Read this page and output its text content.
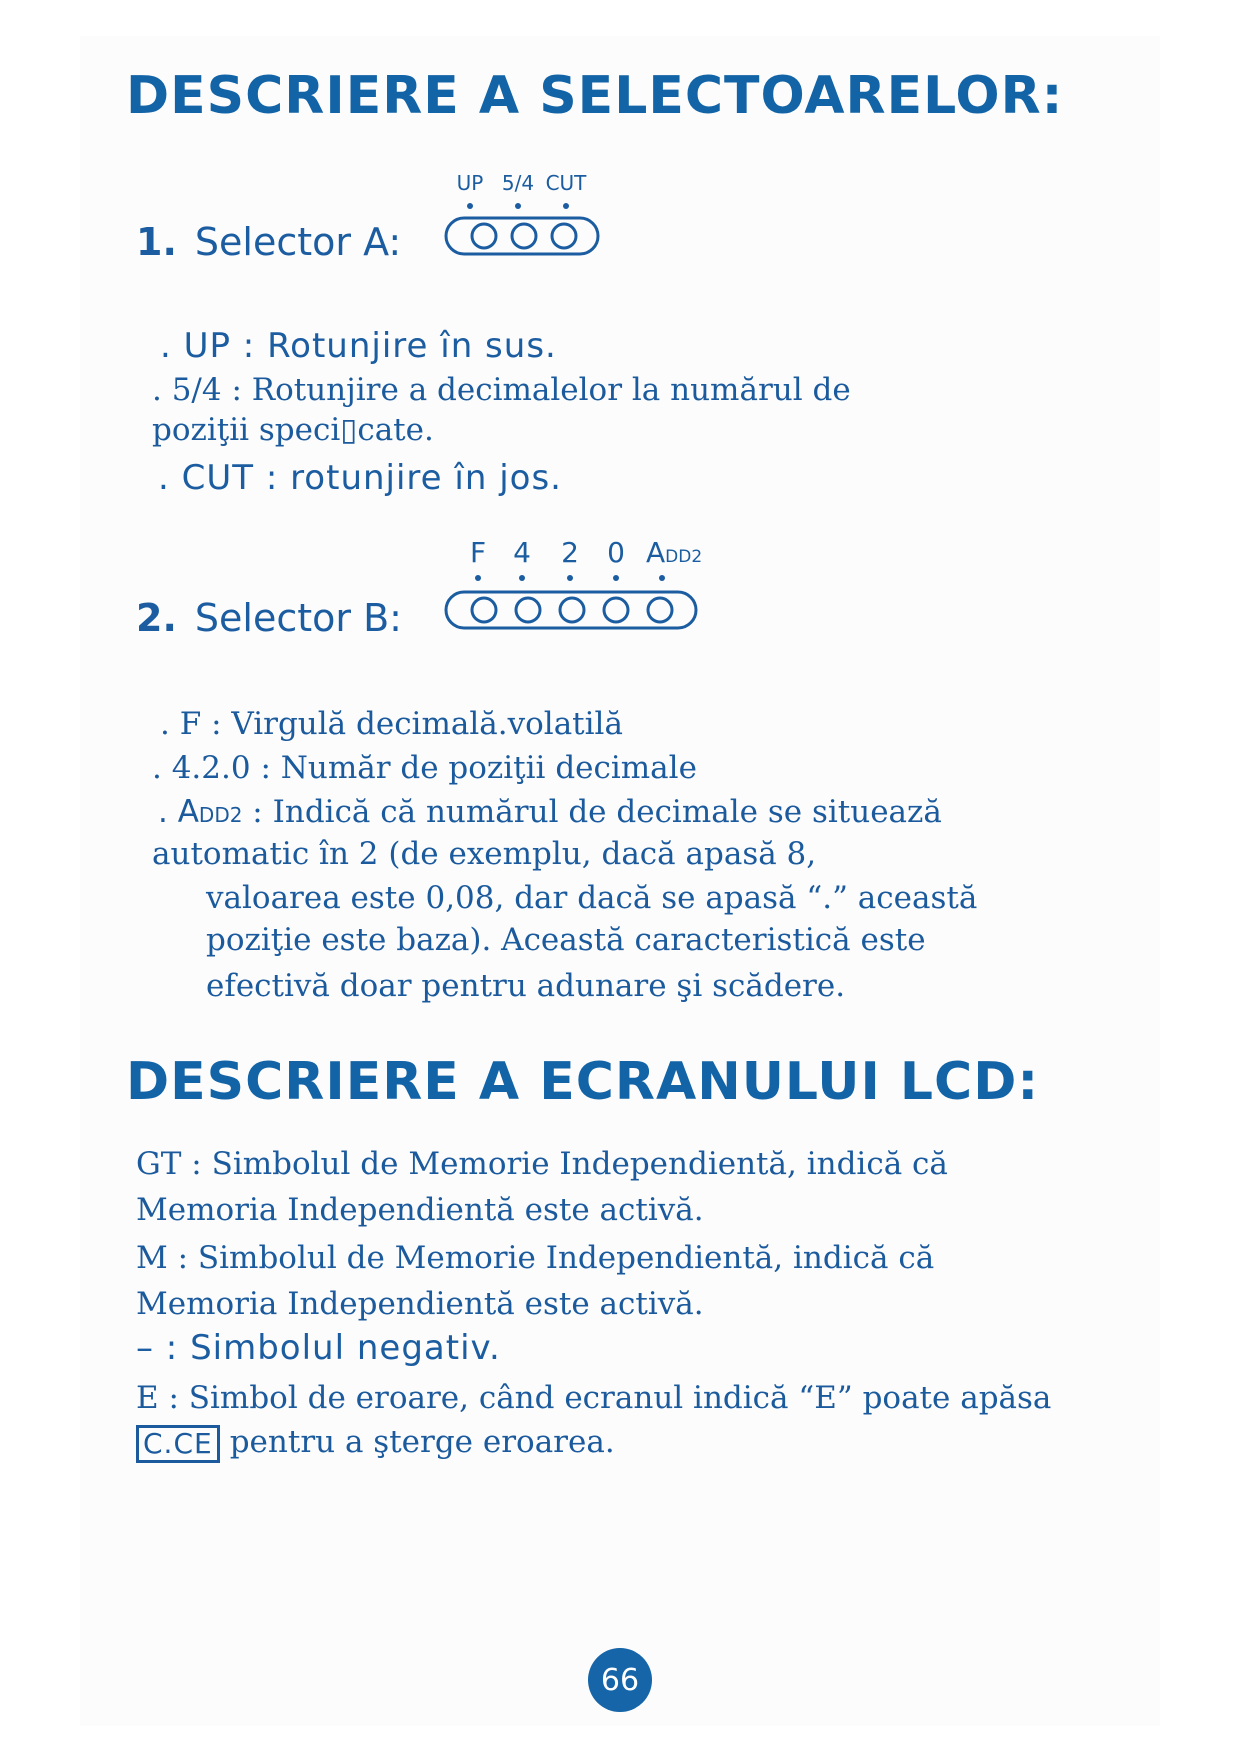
DESCRIERE A SELECTOARELOR:
1. Selector A:
UP 5/4 CUT
. UP : Rotunjire în sus.
. 5/4 : Rotunjire a decimalelor la numărul de
poziţii speci▯cate.
. CUT : rotunjire în jos.
2. Selector B:
F 4 2 0 ADD2
. F : Virgulă decimală.volatilă
. 4.2.0 : Număr de poziţii decimale
. ADD2 : Indică că numărul de decimale se situează
automatic în 2 (de exemplu, dacă apasă 8,
valoarea este 0,08, dar dacă se apasă “.” această
poziţie este baza). Această caracteristică este
efectivă doar pentru adunare şi scădere.
DESCRIERE A ECRANULUI LCD:
GT : Simbolul de Memorie Independientă, indică că
Memoria Independientă este activă.
M : Simbolul de Memorie Independientă, indică că
Memoria Independientă este activă.
– : Simbolul negativ.
E : Simbol de eroare, când ecranul indică “E” poate apăsa
C.CE pentru a şterge eroarea.
66
